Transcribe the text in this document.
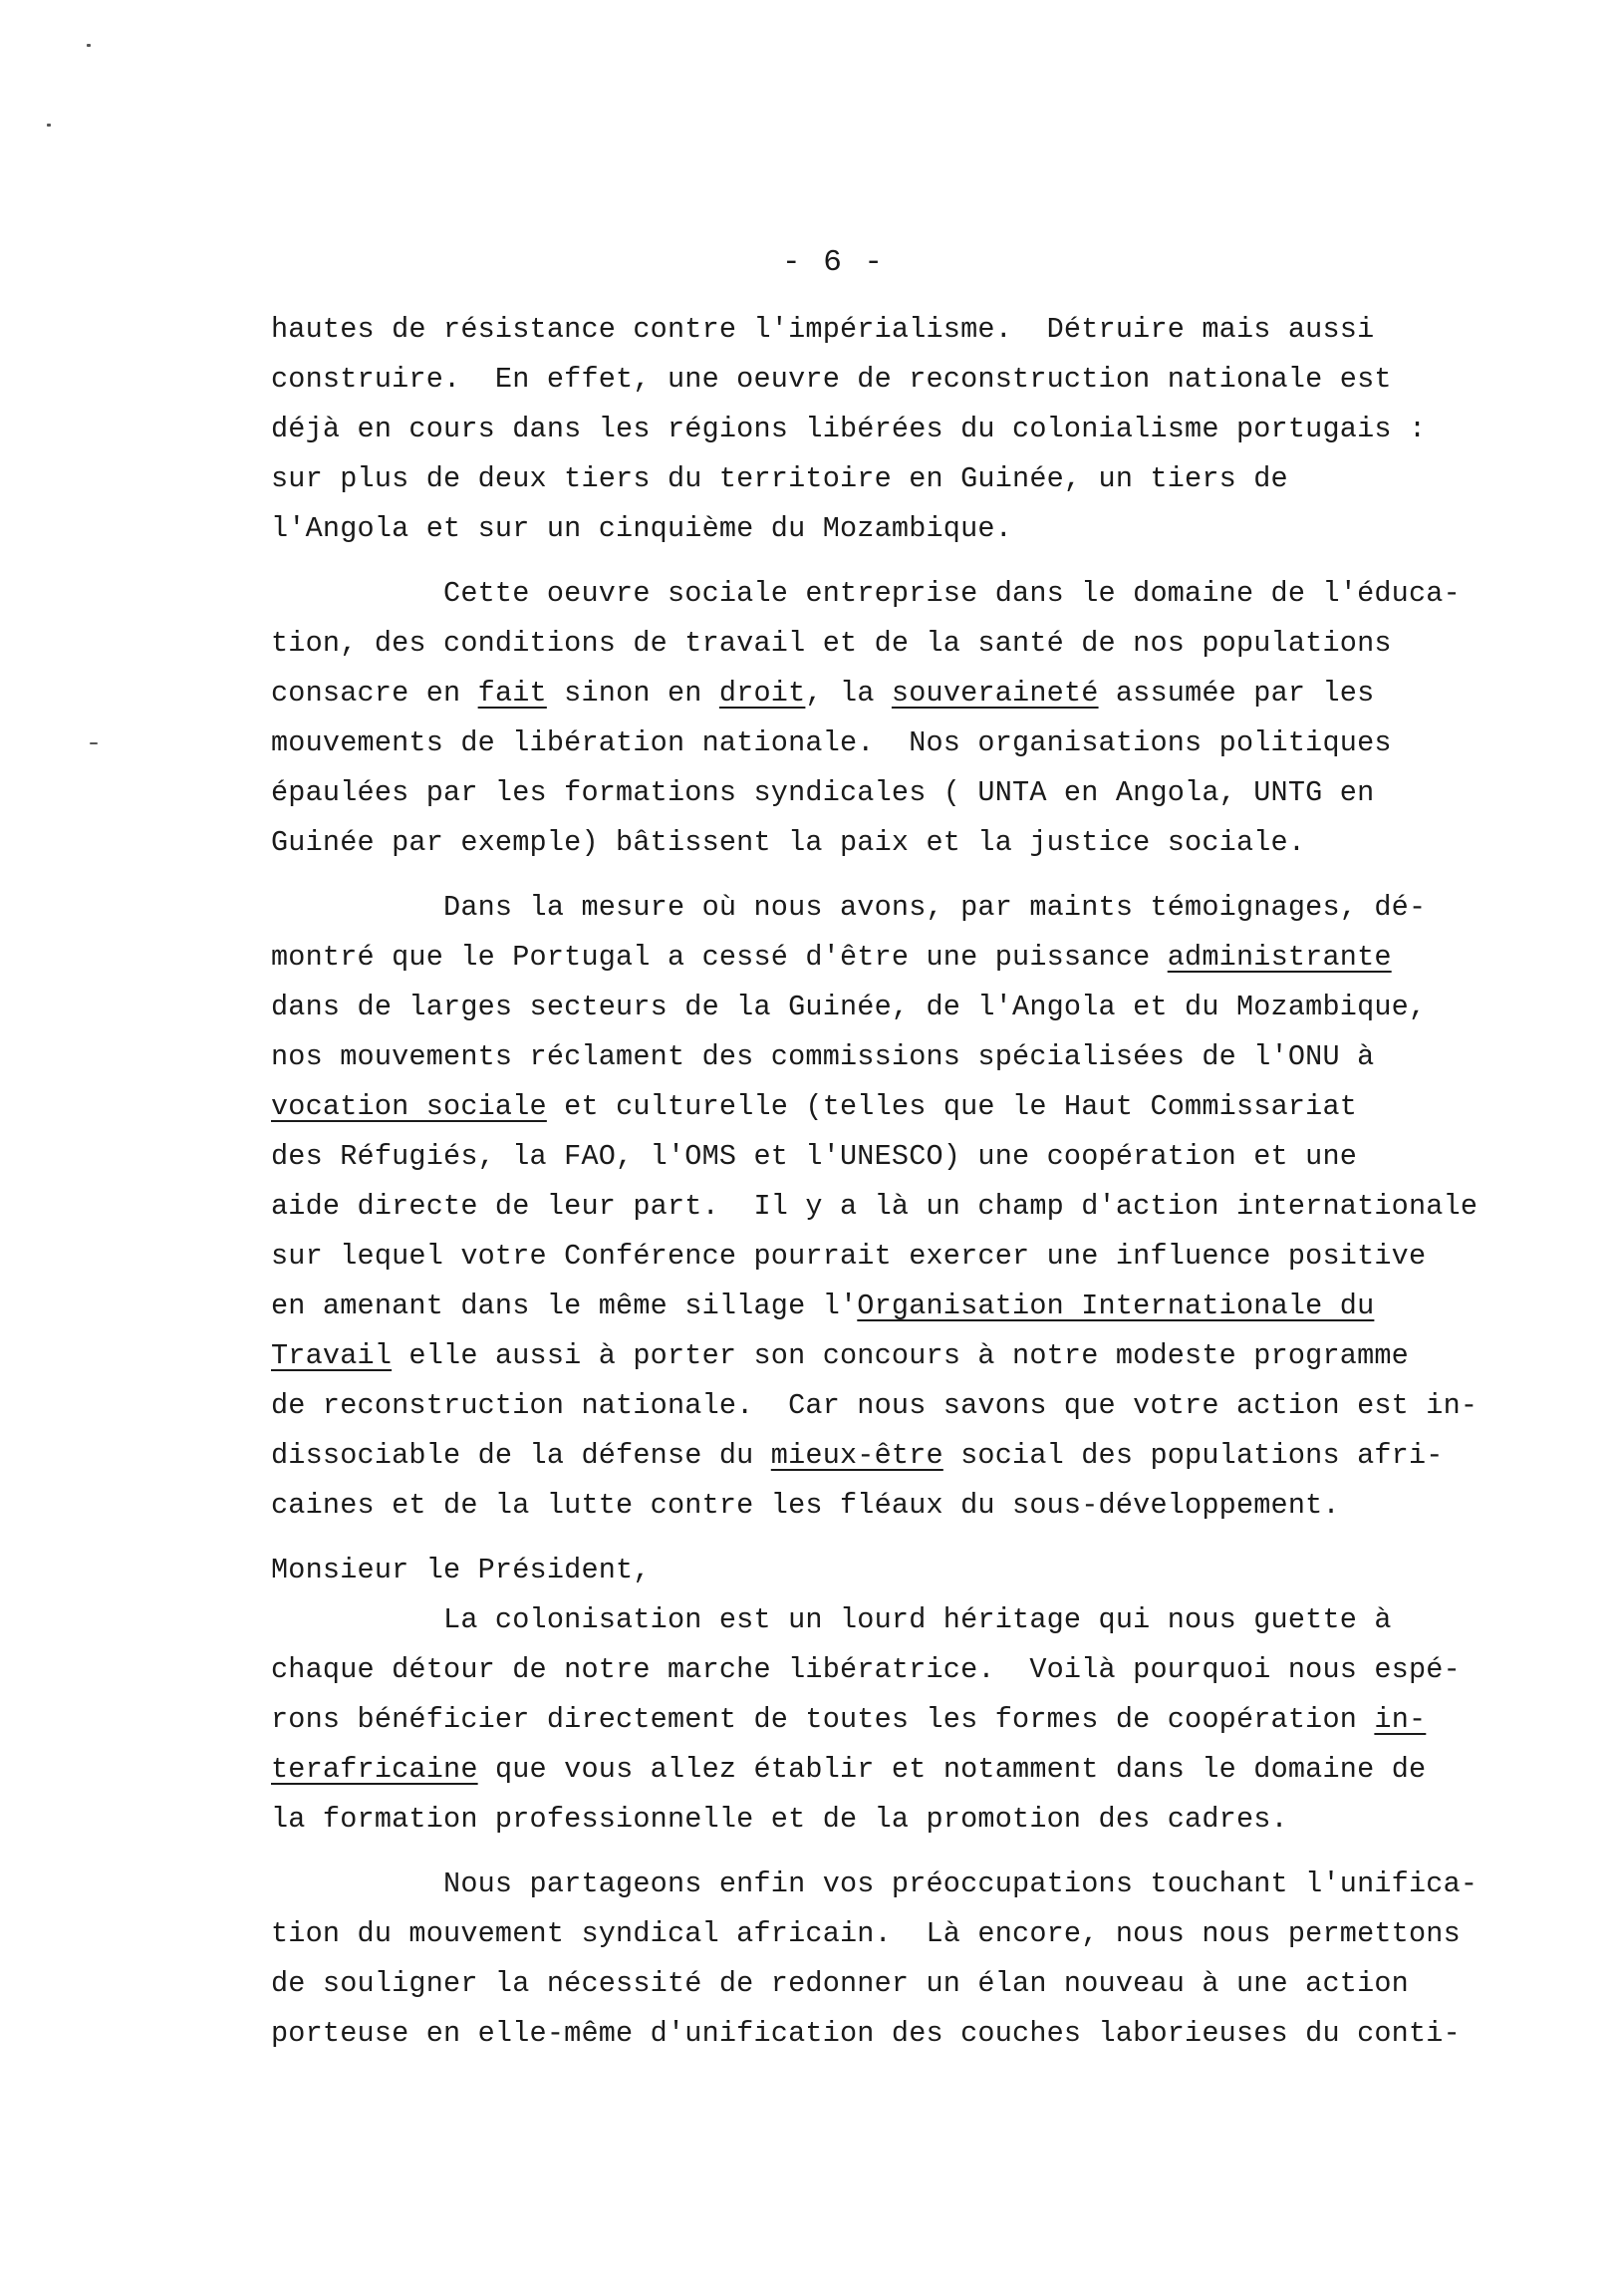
- 6 -
hautes de résistance contre l'impérialisme.  Détruire mais aussi
construire.  En effet, une oeuvre de reconstruction nationale est
déjà en cours dans les régions libérées du colonialisme portugais :
sur plus de deux tiers du territoire en Guinée, un tiers de
l'Angola et sur un cinquième du Mozambique.
Cette oeuvre sociale entreprise dans le domaine de l'éduca-
tion, des conditions de travail et de la santé de nos populations
consacre en fait sinon en droit, la souveraineté assumée par les
mouvements de libération nationale.  Nos organisations politiques
épaulées par les formations syndicales ( UNTA en Angola, UNTG en
Guinée par exemple) bâtissent la paix et la justice sociale.
Dans la mesure où nous avons, par maints témoignages, dé-
montré que le Portugal a cessé d'être une puissance administrante
dans de larges secteurs de la Guinée, de l'Angola et du Mozambique,
nos mouvements réclament des commissions spécialisées de l'ONU à
vocation sociale et culturelle (telles que le Haut Commissariat
des Réfugiés, la FAO, l'OMS et l'UNESCO) une coopération et une
aide directe de leur part.  Il y a là un champ d'action internationale
sur lequel votre Conférence pourrait exercer une influence positive
en amenant dans le même sillage l'Organisation Internationale du
Travail elle aussi à porter son concours à notre modeste programme
de reconstruction nationale.  Car nous savons que votre action est in-
dissociable de la défense du mieux-être social des populations afri-
caines et de la lutte contre les fléaux du sous-développement.
Monsieur le Président,
La colonisation est un lourd héritage qui nous guette à
chaque détour de notre marche libératrice.  Voilà pourquoi nous espé-
rons bénéficier directement de toutes les formes de coopération in-
terafricaine que vous allez établir et notamment dans le domaine de
la formation professionnelle et de la promotion des cadres.
Nous partageons enfin vos préoccupations touchant l'unifica-
tion du mouvement syndical africain.  Là encore, nous nous permettons
de souligner la nécessité de redonner un élan nouveau à une action
porteuse en elle-même d'unification des couches laborieuses du conti-
